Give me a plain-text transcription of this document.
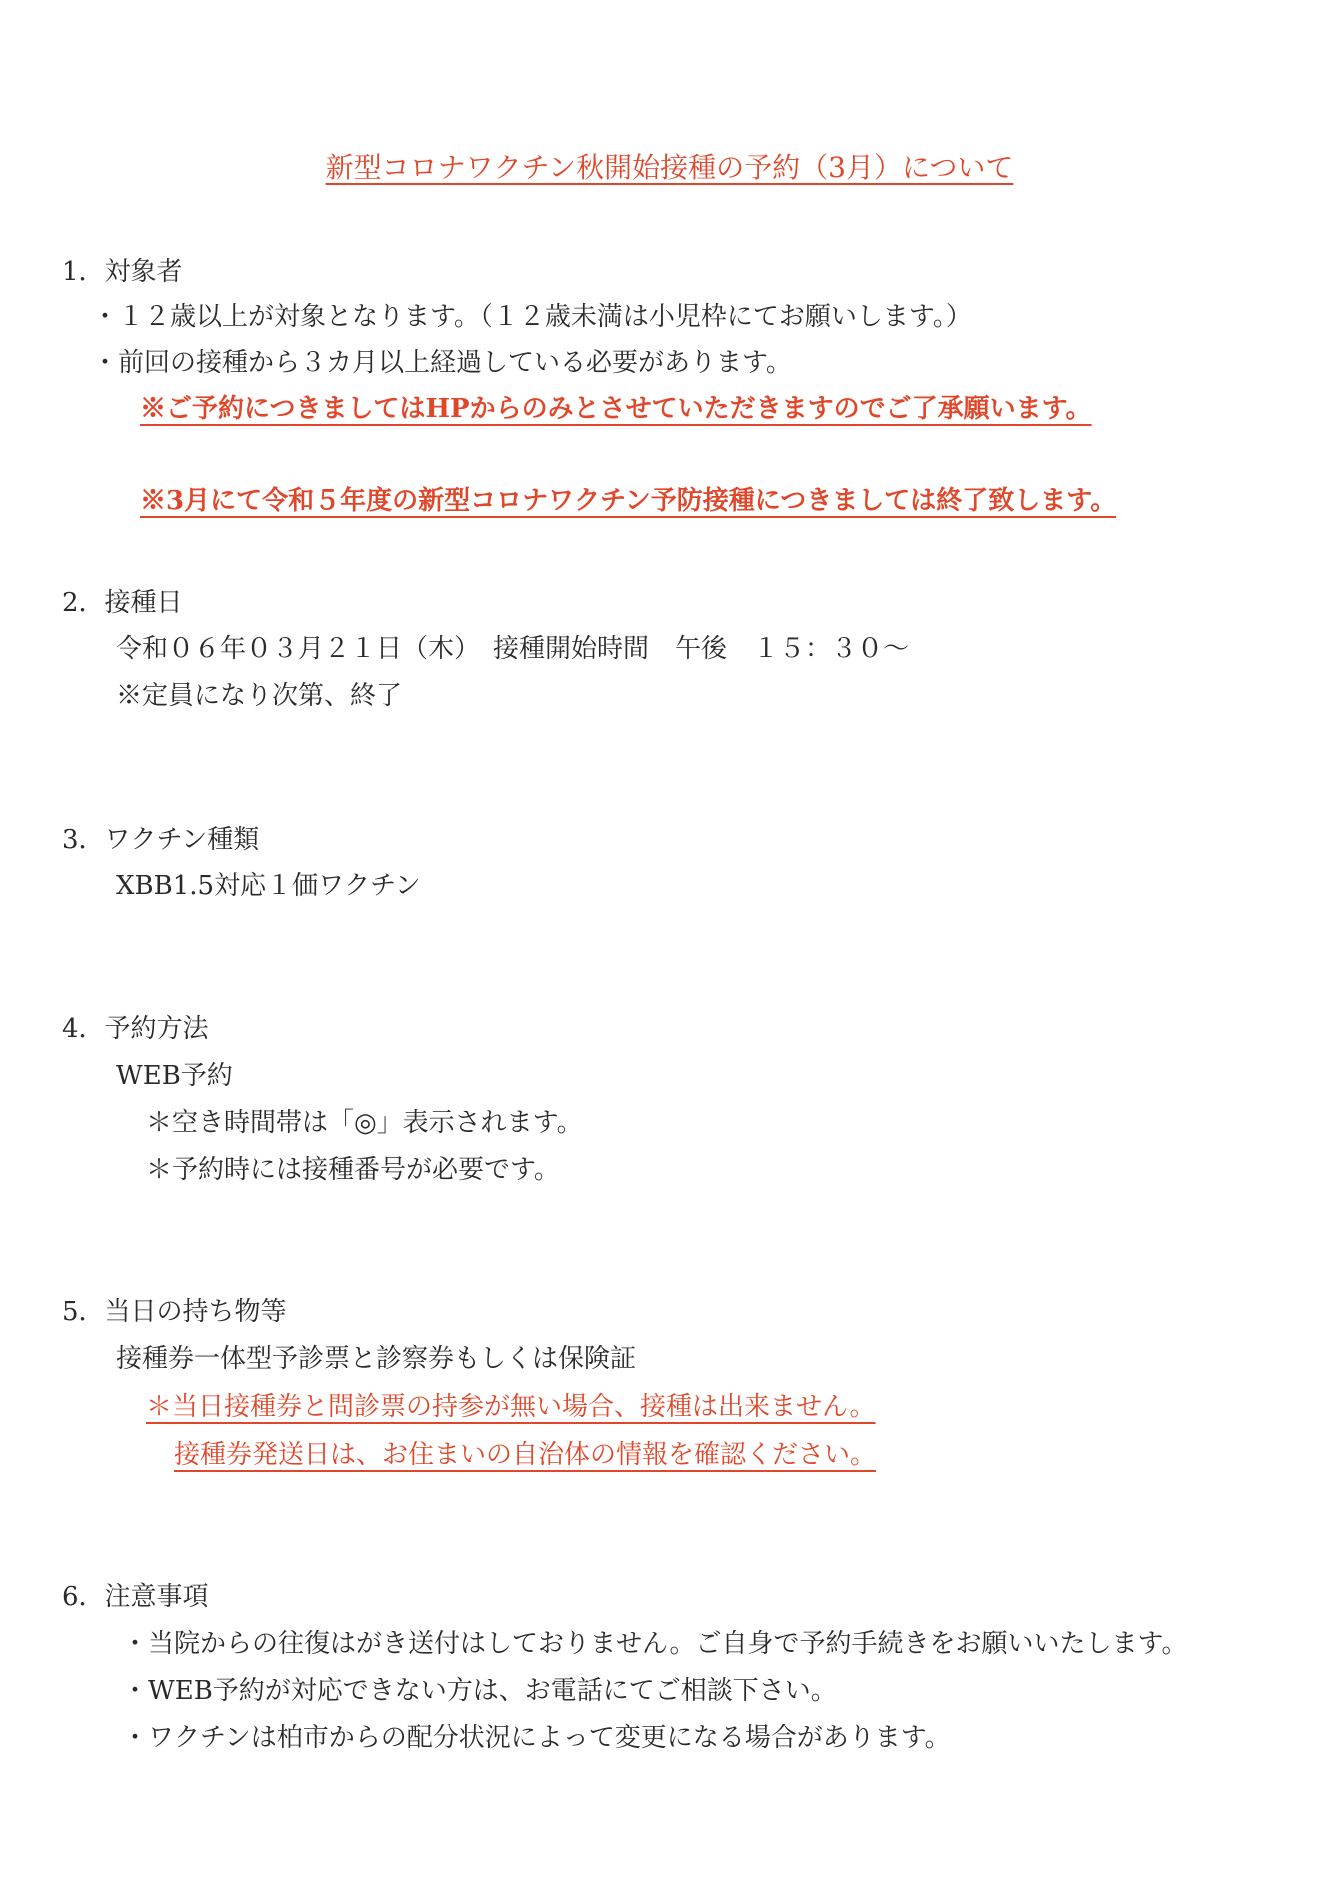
新型コロナワクチン秋開始接種の予約（3月）について
1．対象者
・１２歳以上が対象となります。（１２歳未満は小児枠にてお願いします。）
・前回の接種から３カ月以上経過している必要があります。
※ご予約につきましてはHPからのみとさせていただきますのでご了承願います。
※3月にて令和５年度の新型コロナワクチン予防接種につきましては終了致します。
2．接種日
令和０６年０３月２１日（木）　接種開始時間　午後　１５：３０～
※定員になり次第、終了
3．ワクチン種類
XBB1.5対応１価ワクチン
4．予約方法
WEB予約
＊空き時間帯は「◎」表示されます。
＊予約時には接種番号が必要です。
5．当日の持ち物等
接種券一体型予診票と診察券もしくは保険証
＊当日接種券と問診票の持参が無い場合、接種は出来ません。
接種券発送日は、お住まいの自治体の情報を確認ください。
6．注意事項
・当院からの往復はがき送付はしておりません。ご自身で予約手続きをお願いいたします。
・WEB予約が対応できない方は、お電話にてご相談下さい。
・ワクチンは柏市からの配分状況によって変更になる場合があります。
